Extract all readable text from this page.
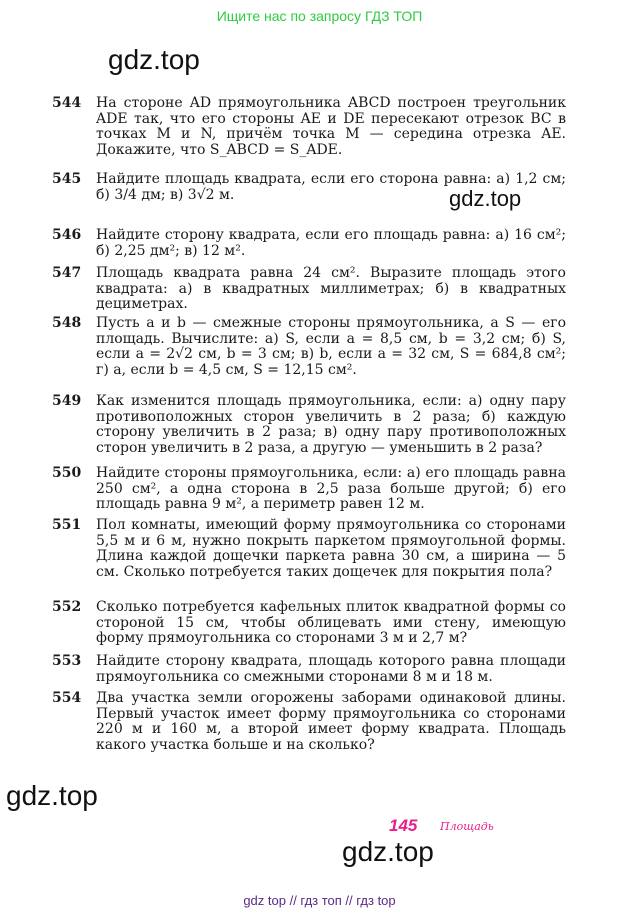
Ищите нас по запросу ГДЗ ТОП
gdz.top
gdz.top
544	На стороне AD прямоугольника ABCD построен треугольник ADE так, что его стороны AE и DE пересекают отрезок BC в точках M и N, причём точка M — середина отрезка AE. Докажите, что S_ABCD = S_ADE.
545	Найдите площадь квадрата, если его сторона равна: а) 1,2 см; б) 3/4 дм; в) 3√2 м.
546	Найдите сторону квадрата, если его площадь равна: а) 16 см²; б) 2,25 дм²; в) 12 м².
547	Площадь квадрата равна 24 см². Выразите площадь этого квадрата: а) в квадратных миллиметрах; б) в квадратных дециметрах.
548	Пусть a и b — смежные стороны прямоугольника, а S — его площадь. Вычислите: а) S, если a = 8,5 см, b = 3,2 см; б) S, если a = 2√2 см, b = 3 см; в) b, если a = 32 см, S = 684,8 см²; г) a, если b = 4,5 см, S = 12,15 см².
549	Как изменится площадь прямоугольника, если: а) одну пару противоположных сторон увеличить в 2 раза; б) каждую сторону увеличить в 2 раза; в) одну пару противоположных сторон увеличить в 2 раза, а другую — уменьшить в 2 раза?
550	Найдите стороны прямоугольника, если: а) его площадь равна 250 см², а одна сторона в 2,5 раза больше другой; б) его площадь равна 9 м², а периметр равен 12 м.
551	Пол комнаты, имеющий форму прямоугольника со сторонами 5,5 м и 6 м, нужно покрыть паркетом прямоугольной формы. Длина каждой дощечки паркета равна 30 см, а ширина — 5 см. Сколько потребуется таких дощечек для покрытия пола?
552	Сколько потребуется кафельных плиток квадратной формы со стороной 15 см, чтобы облицевать ими стену, имеющую форму прямоугольника со сторонами 3 м и 2,7 м?
553	Найдите сторону квадрата, площадь которого равна площади прямоугольника со смежными сторонами 8 м и 18 м.
554	Два участка земли огорожены заборами одинаковой длины. Первый участок имеет форму прямоугольника со сторонами 220 м и 160 м, а второй имеет форму квадрата. Площадь какого участка больше и на сколько?
gdz.top
145 Площадь
gdz.top
gdz top // гдз топ // гдз top
